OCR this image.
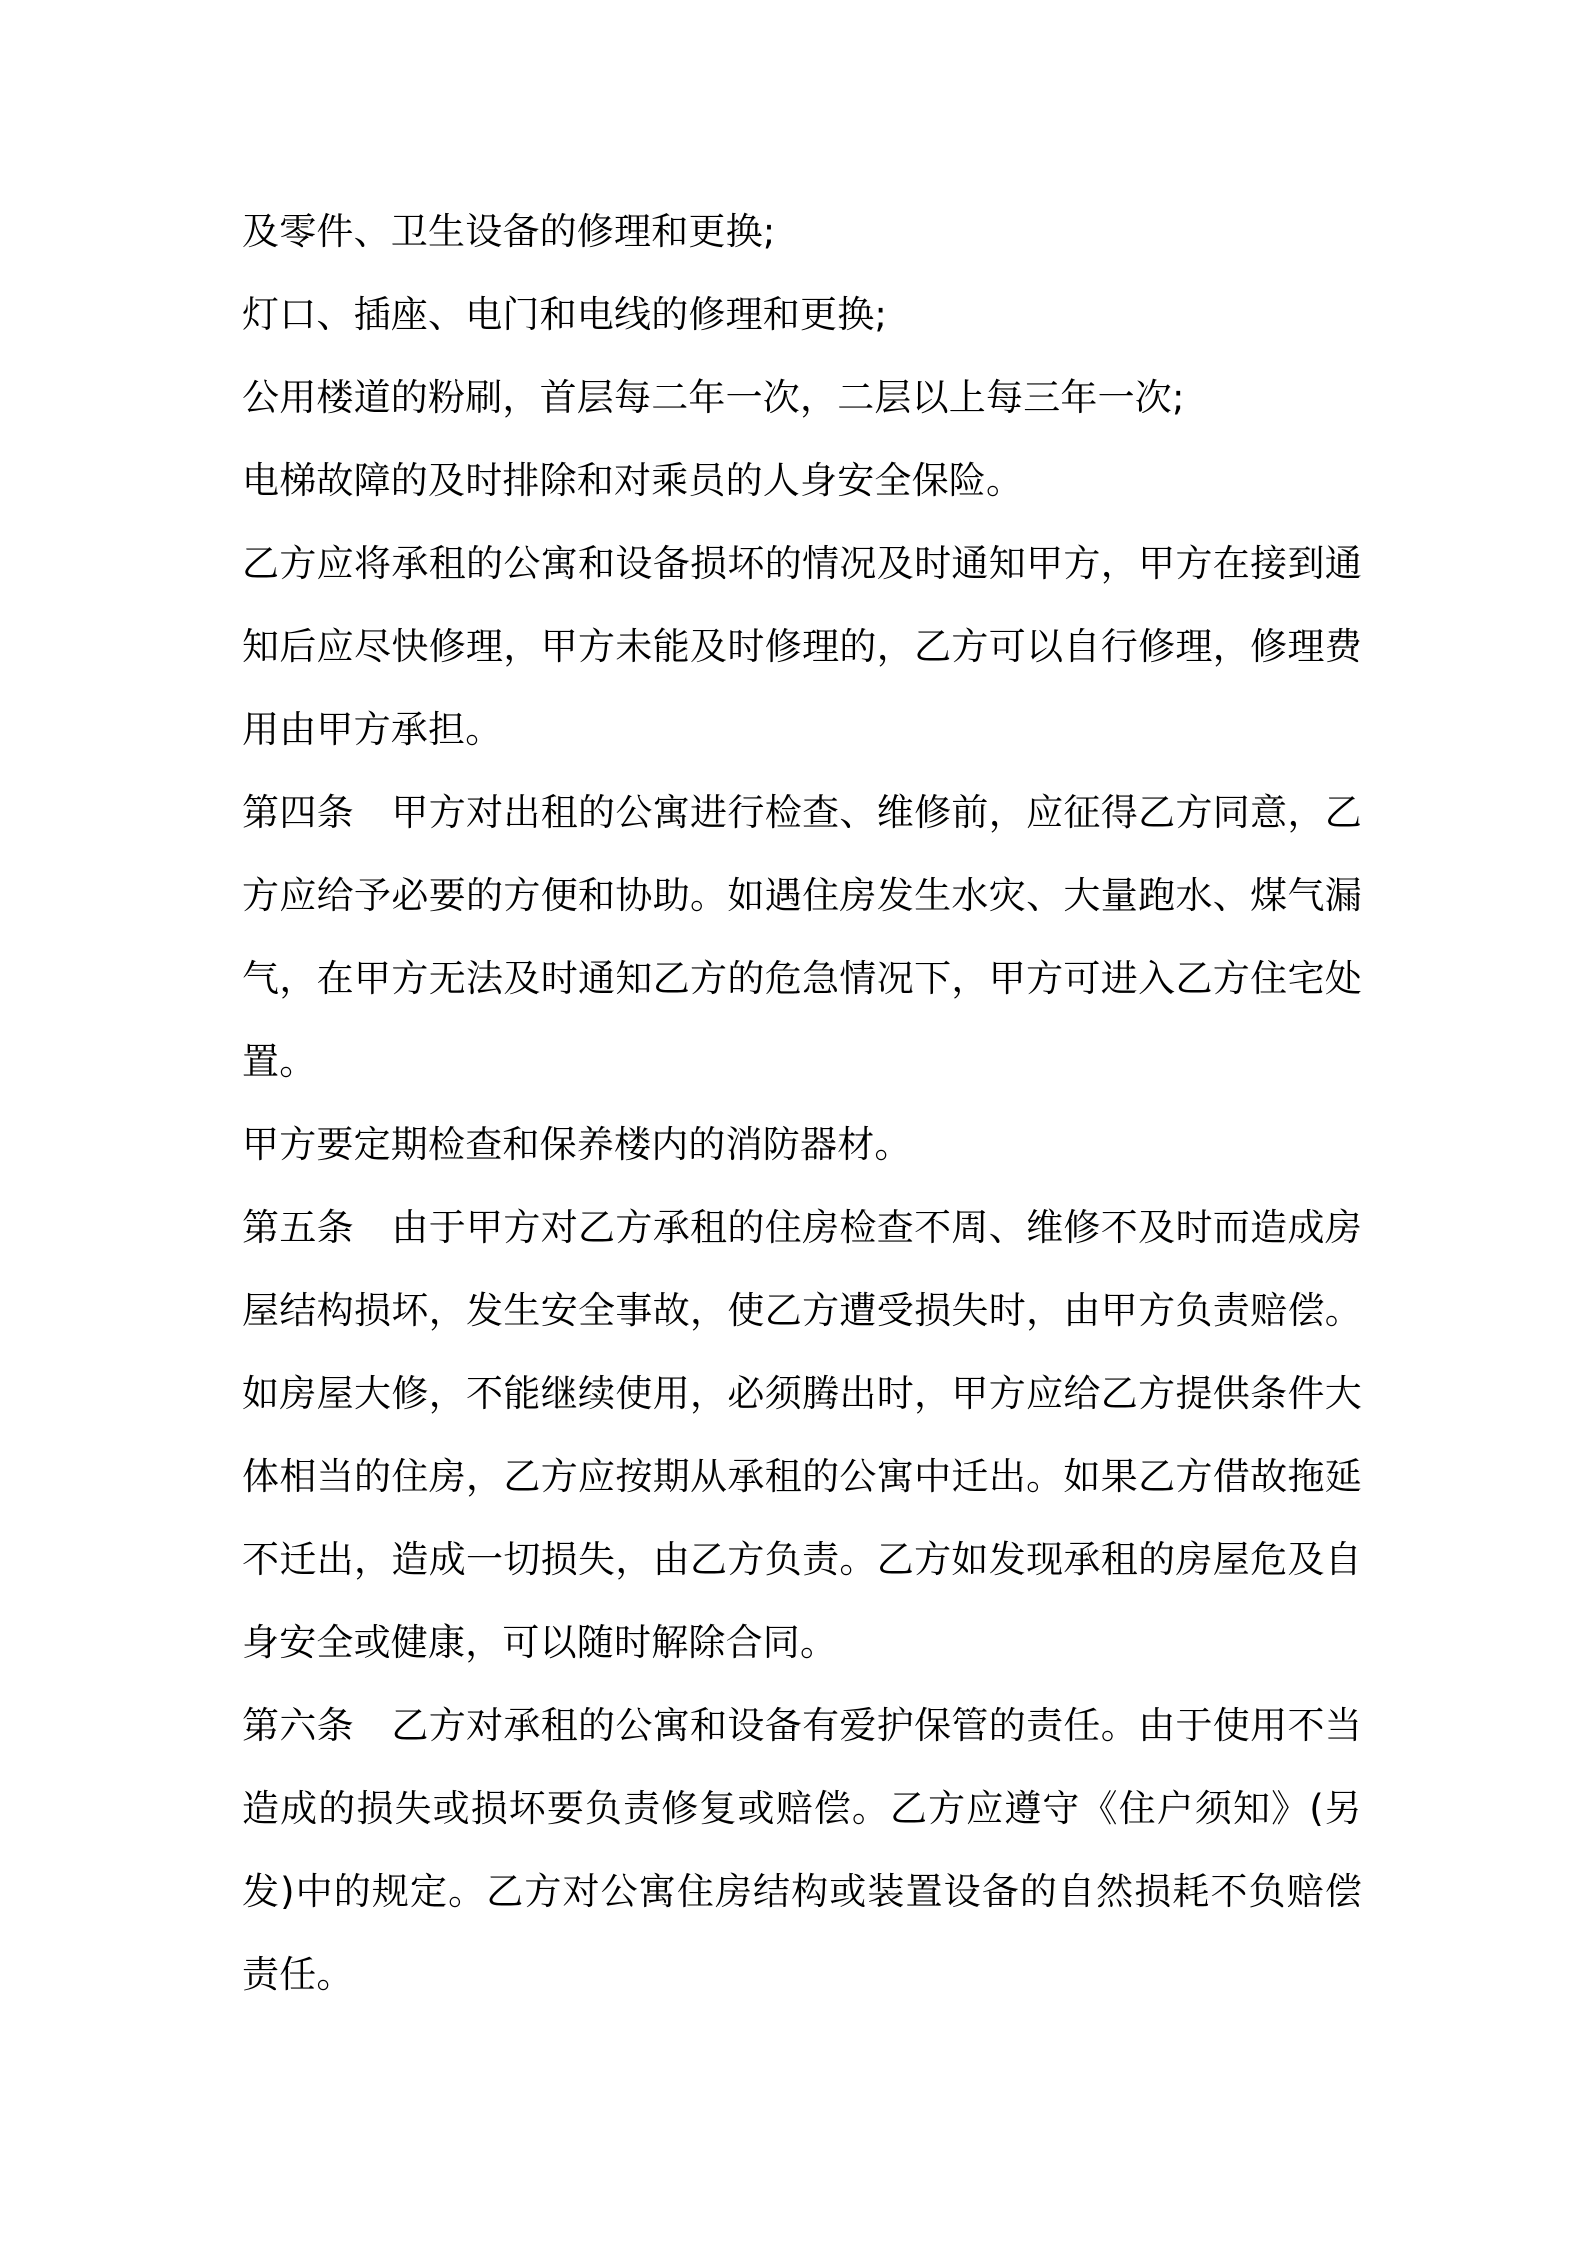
及零件、卫生设备的修理和更换;
灯口、插座、电门和电线的修理和更换;
公用楼道的粉刷，首层每二年一次，二层以上每三年一次;
电梯故障的及时排除和对乘员的人身安全保险。
乙方应将承租的公寓和设备损坏的情况及时通知甲方，甲方在接到通
知后应尽快修理，甲方未能及时修理的，乙方可以自行修理，修理费
用由甲方承担。
第四条　甲方对出租的公寓进行检查、维修前，应征得乙方同意，乙
方应给予必要的方便和协助。如遇住房发生水灾、大量跑水、煤气漏
气，在甲方无法及时通知乙方的危急情况下，甲方可进入乙方住宅处
置。
甲方要定期检查和保养楼内的消防器材。
第五条　由于甲方对乙方承租的住房检查不周、维修不及时而造成房
屋结构损坏，发生安全事故，使乙方遭受损失时，由甲方负责赔偿。
如房屋大修，不能继续使用，必须腾出时，甲方应给乙方提供条件大
体相当的住房，乙方应按期从承租的公寓中迁出。如果乙方借故拖延
不迁出，造成一切损失，由乙方负责。乙方如发现承租的房屋危及自
身安全或健康，可以随时解除合同。
第六条　乙方对承租的公寓和设备有爱护保管的责任。由于使用不当
造成的损失或损坏要负责修复或赔偿。乙方应遵守《住户须知》(另
发)中的规定。乙方对公寓住房结构或装置设备的自然损耗不负赔偿
责任。
